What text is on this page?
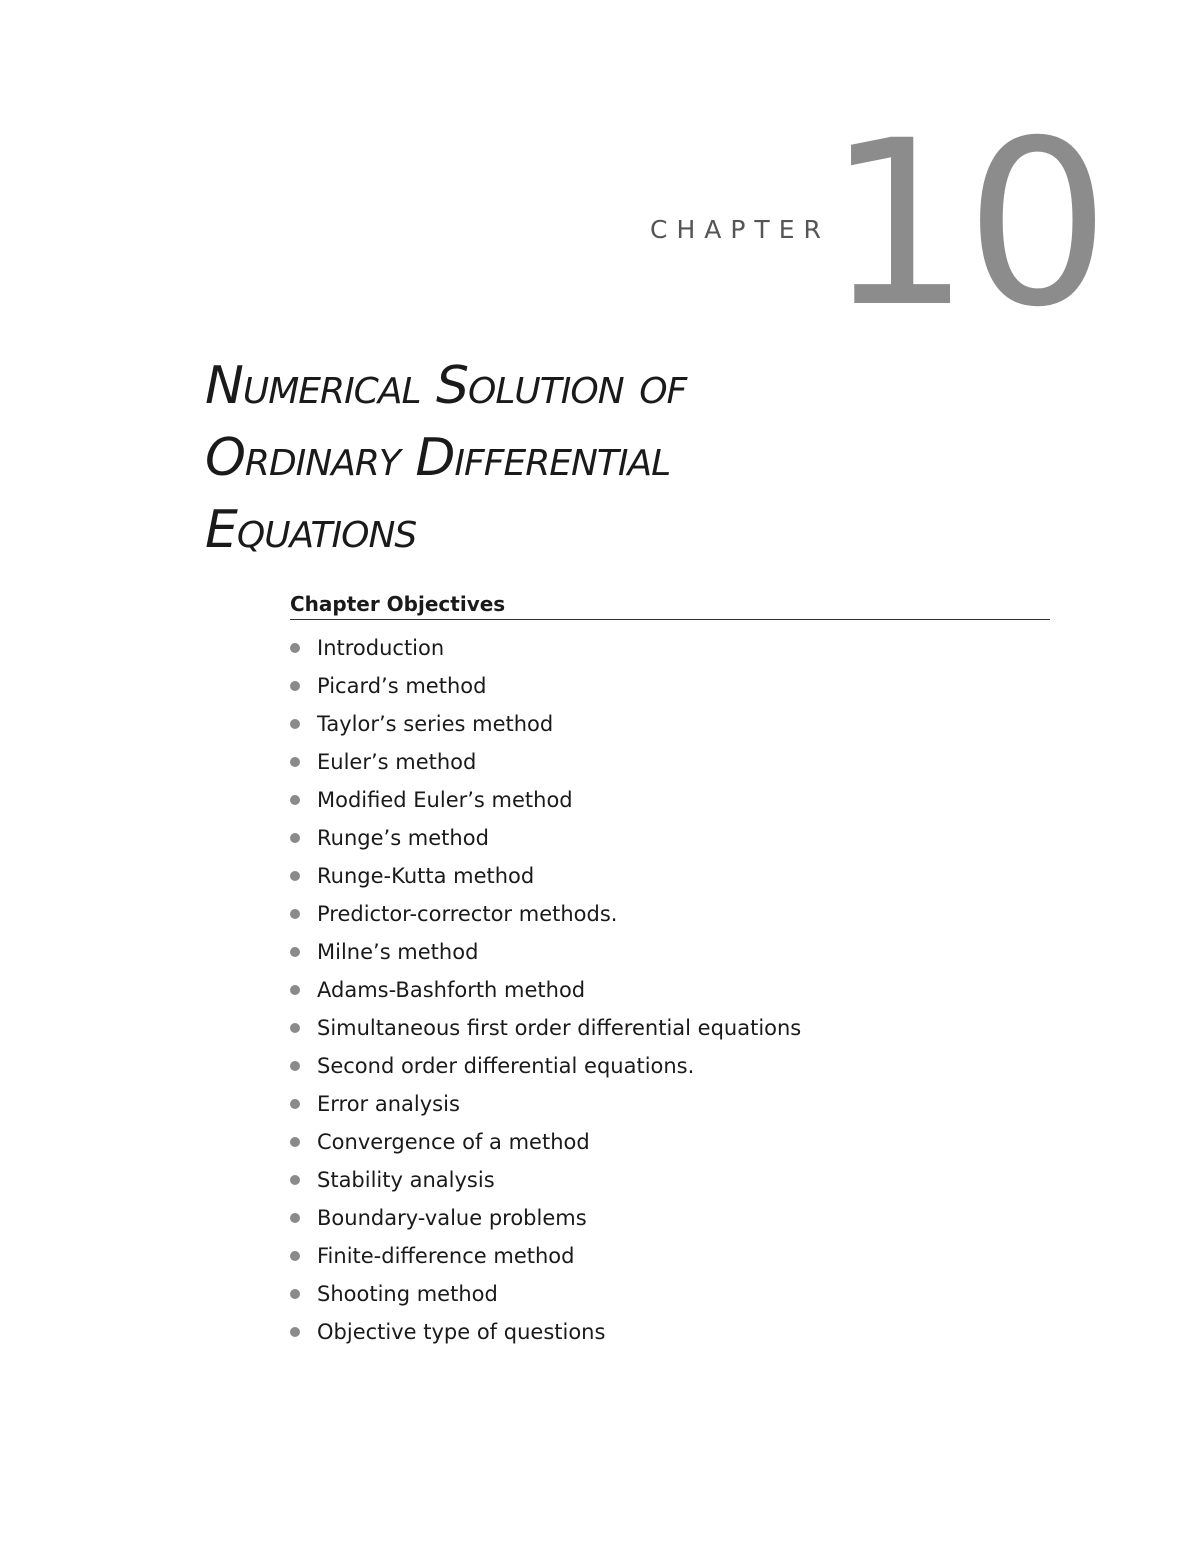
CHAPTER
10
Numerical Solution of
Ordinary Differential
Equations
Chapter Objectives
Introduction
Picard’s method
Taylor’s series method
Euler’s method
Modified Euler’s method
Runge’s method
Runge-Kutta method
Predictor-corrector methods.
Milne’s method
Adams-Bashforth method
Simultaneous first order differential equations
Second order differential equations.
Error analysis
Convergence of a method
Stability analysis
Boundary-value problems
Finite-difference method
Shooting method
Objective type of questions
